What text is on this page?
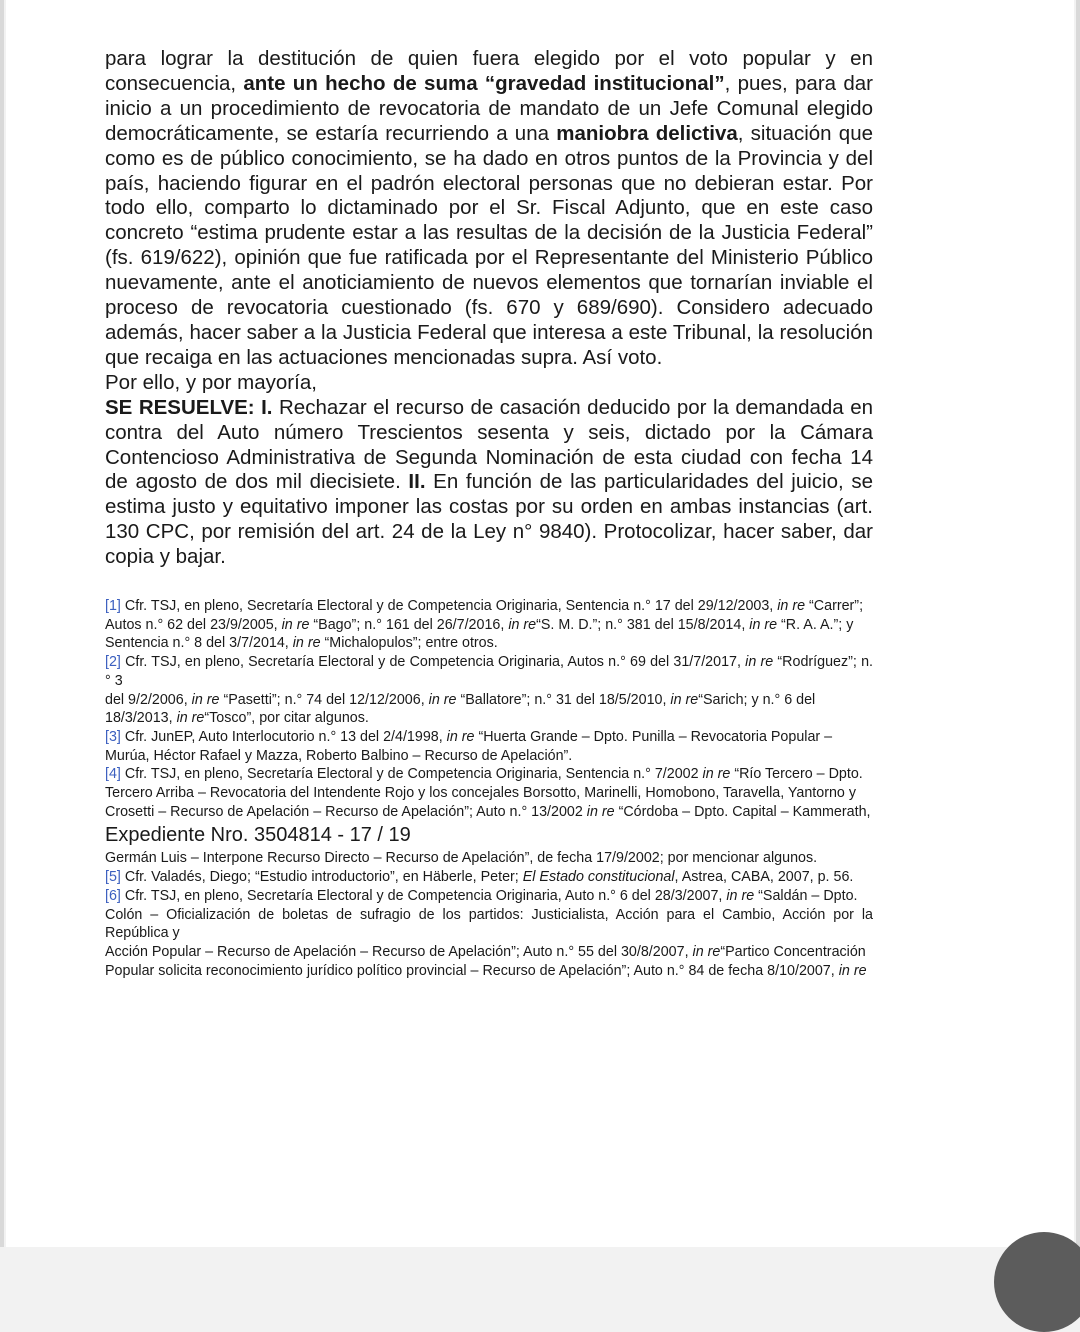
para lograr la destitución de quien fuera elegido por el voto popular y en consecuencia, ante un hecho de suma “gravedad institucional”, pues, para dar inicio a un procedimiento de revocatoria de mandato de un Jefe Comunal elegido democráticamente, se estaría recurriendo a una maniobra delictiva, situación que como es de público conocimiento, se ha dado en otros puntos de la Provincia y del país, haciendo figurar en el padrón electoral personas que no debieran estar. Por todo ello, comparto lo dictaminado por el Sr. Fiscal Adjunto, que en este caso concreto “estima prudente estar a las resultas de la decisión de la Justicia Federal” (fs. 619/622), opinión que fue ratificada por el Representante del Ministerio Público nuevamente, ante el anoticiamiento de nuevos elementos que tornarían inviable el proceso de revocatoria cuestionado (fs. 670 y 689/690). Considero adecuado además, hacer saber a la Justicia Federal que interesa a este Tribunal, la resolución que recaiga en las actuaciones mencionadas supra. Así voto.

Por ello, y por mayoría,

SE RESUELVE: I. Rechazar el recurso de casación deducido por la demandada en contra del Auto número Trescientos sesenta y seis, dictado por la Cámara Contencioso Administrativa de Segunda Nominación de esta ciudad con fecha 14 de agosto de dos mil diecisiete. II. En función de las particularidades del juicio, se estima justo y equitativo imponer las costas por su orden en ambas instancias (art. 130 CPC, por remisión del art. 24 de la Ley n° 9840). Protocolizar, hacer saber, dar copia y bajar.

[1] Cfr. TSJ, en pleno, Secretaría Electoral y de Competencia Originaria, Sentencia n.° 17 del 29/12/2003, in re “Carrer”;

Autos n.° 62 del 23/9/2005, in re “Bago”; n.° 161 del 26/7/2016, in re“S. M. D.”; n.° 381 del 15/8/2014, in re “R. A. A.”; y

Sentencia n.° 8 del 3/7/2014, in re “Michalopulos”; entre otros.

[2] Cfr. TSJ, en pleno, Secretaría Electoral y de Competencia Originaria, Autos n.° 69 del 31/7/2017, in re “Rodríguez”; n.° 3

del 9/2/2006, in re “Pasetti”; n.° 74 del 12/12/2006, in re “Ballatore”; n.° 31 del 18/5/2010, in re“Sarich; y n.° 6 del

18/3/2013, in re“Tosco”, por citar algunos.

[3] Cfr. JunEP, Auto Interlocutorio n.° 13 del 2/4/1998, in re “Huerta Grande – Dpto. Punilla – Revocatoria Popular –

Murúa, Héctor Rafael y Mazza, Roberto Balbino – Recurso de Apelación”.

[4] Cfr. TSJ, en pleno, Secretaría Electoral y de Competencia Originaria, Sentencia n.° 7/2002 in re “Río Tercero – Dpto.

Tercero Arriba – Revocatoria del Intendente Rojo y los concejales Borsotto, Marinelli, Homobono, Taravella, Yantorno y

Crosetti – Recurso de Apelación – Recurso de Apelación”; Auto n.° 13/2002 in re “Córdoba – Dpto. Capital – Kammerath,

Expediente Nro. 3504814 - 17 / 19

Germán Luis – Interpone Recurso Directo – Recurso de Apelación”, de fecha 17/9/2002; por mencionar algunos.

[5] Cfr. Valadés, Diego; “Estudio introductorio”, en Häberle, Peter; El Estado constitucional, Astrea, CABA, 2007, p. 56.

[6] Cfr. TSJ, en pleno, Secretaría Electoral y de Competencia Originaria, Auto n.° 6 del 28/3/2007, in re “Saldán – Dpto.

Colón – Oficialización de boletas de sufragio de los partidos: Justicialista, Acción para el Cambio, Acción por la República y

Acción Popular – Recurso de Apelación – Recurso de Apelación”; Auto n.° 55 del 30/8/2007, in re“Partico Concentración

Popular solicita reconocimiento jurídico político provincial – Recurso de Apelación”; Auto n.° 84 de fecha 8/10/2007, in re
